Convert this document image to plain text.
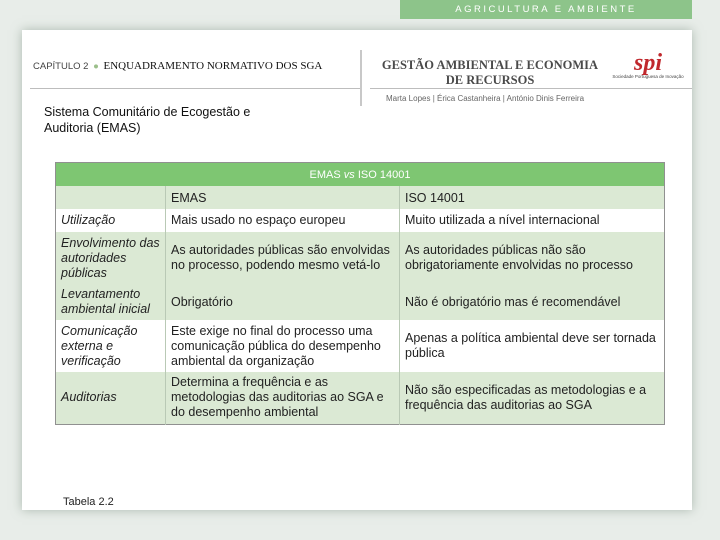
AGRICULTURA E AMBIENTE
CAPÍTULO 2 ● ENQUADRAMENTO NORMATIVO DOS SGA	GESTÃO AMBIENTAL E ECONOMIA
DE RECURSOS
Marta Lopes | Érica Castanheira | António Dinis Ferreira
spi
Sociedade Portuguesa de Inovação
Sistema Comunitário de Ecogestão e
Auditoria (EMAS)
EMAS vs ISO 14001		
	EMAS	ISO 14001
Utilização	Mais usado no espaço europeu	Muito utilizada a nível internacional
Envolvimento das autoridades públicas	As autoridades públicas são envolvidas no processo, podendo mesmo vetá-lo	As autoridades públicas não são obrigatoriamente envolvidas no processo
Levantamento ambiental inicial	Obrigatório	Não é obrigatório mas é recomendável
Comunicação externa e verificação	Este exige no final do processo uma comunicação pública do desempenho ambiental da organização	Apenas a política ambiental deve ser tornada pública
Auditorias	Determina a frequência e as metodologias das auditorias ao SGA e do desempenho ambiental	Não são especificadas as metodologias e a frequência das auditorias ao SGA
Tabela 2.2
